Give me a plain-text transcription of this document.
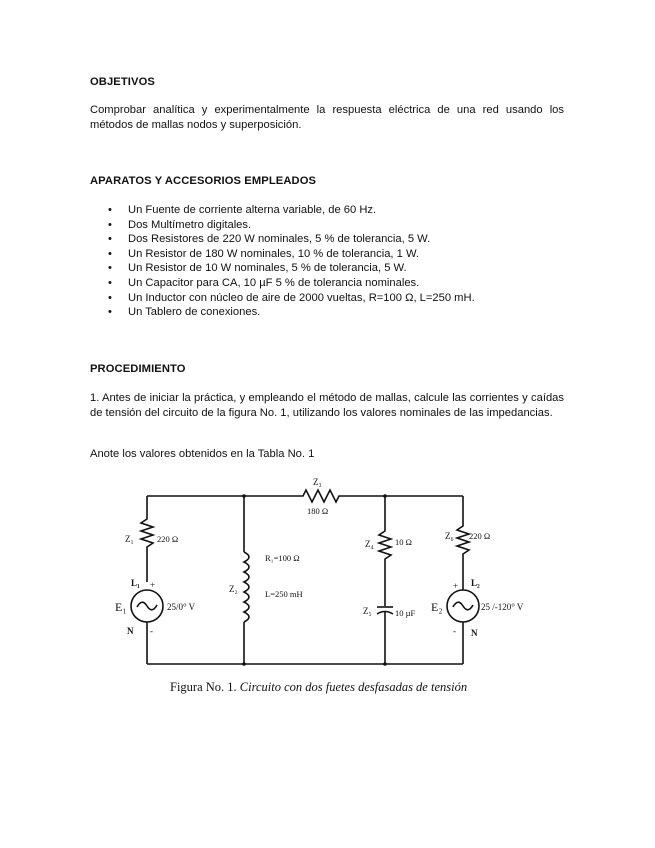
OBJETIVOS
Comprobar analítica y experimentalmente la respuesta eléctrica de una red usando los métodos de mallas nodos y superposición.
APARATOS Y ACCESORIOS EMPLEADOS
• Un Fuente de corriente alterna variable, de 60 Hz.
• Dos Multímetro digitales.
• Dos Resistores de 220 W nominales, 5 % de tolerancia, 5 W.
• Un Resistor de 180 W nominales, 10 % de tolerancia, 1 W.
• Un Resistor de 10 W nominales, 5 % de tolerancia, 5 W.
• Un Capacitor para CA, 10 µF 5 % de tolerancia nominales.
• Un Inductor con núcleo de aire de 2000 vueltas, R=100 Ω, L=250 mH.
• Un Tablero de conexiones.
PROCEDIMIENTO
1. Antes de iniciar la práctica, y empleando el método de mallas, calcule las corrientes y caídas de tensión del circuito de la figura No. 1, utilizando los valores nominales de las impedancias.
Anote los valores obtenidos en la Tabla No. 1
Z₃
180 Ω
Z₁	220 Ω
L₁ +
E₁	25/0° V
-
N
R₁=100 Ω
Z₂	L=250 mH
Z₄	10 Ω
Z₅	10 µF
Z₆ 220 Ω
L₂
+
E₂	25 /-120° V
- N
Figura No. 1. Circuito con dos fuetes desfasadas de tensión
